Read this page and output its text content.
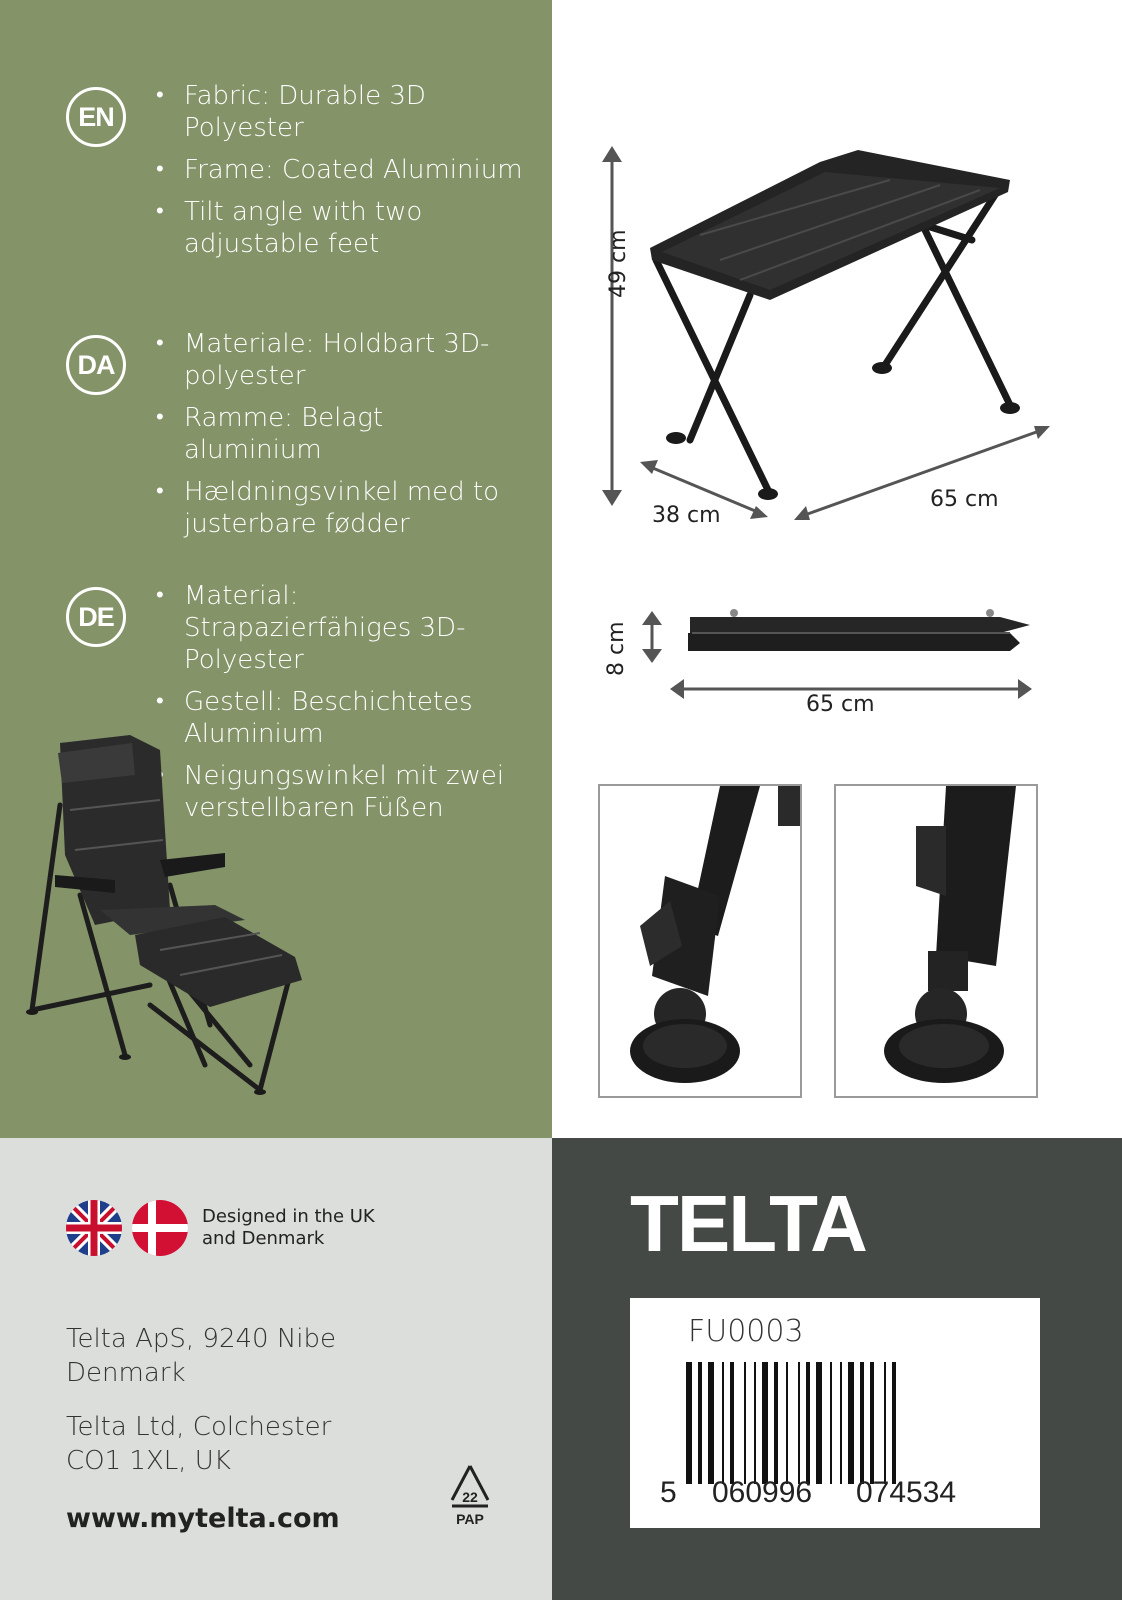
EN
• Fabric: Durable 3D Polyester
• Frame: Coated Aluminium
• Tilt angle with two adjustable feet
DA
• Materiale: Holdbart 3D-polyester
• Ramme: Belagt aluminium
• Hældningsvinkel med to justerbare fødder
DE
• Material: Strapazierfähiges 3D-Polyester
• Gestell: Beschichtetes Aluminium
• Neigungswinkel mit zwei verstellbaren Füßen
49 cm
38 cm
65 cm
8 cm
65 cm
Designed in the UK and Denmark
Telta ApS, 9240 Nibe Denmark
Telta Ltd, Colchester CO1 1XL, UK
www.mytelta.com
22
PAP
TELTA
FU0003
5 060996 074534
